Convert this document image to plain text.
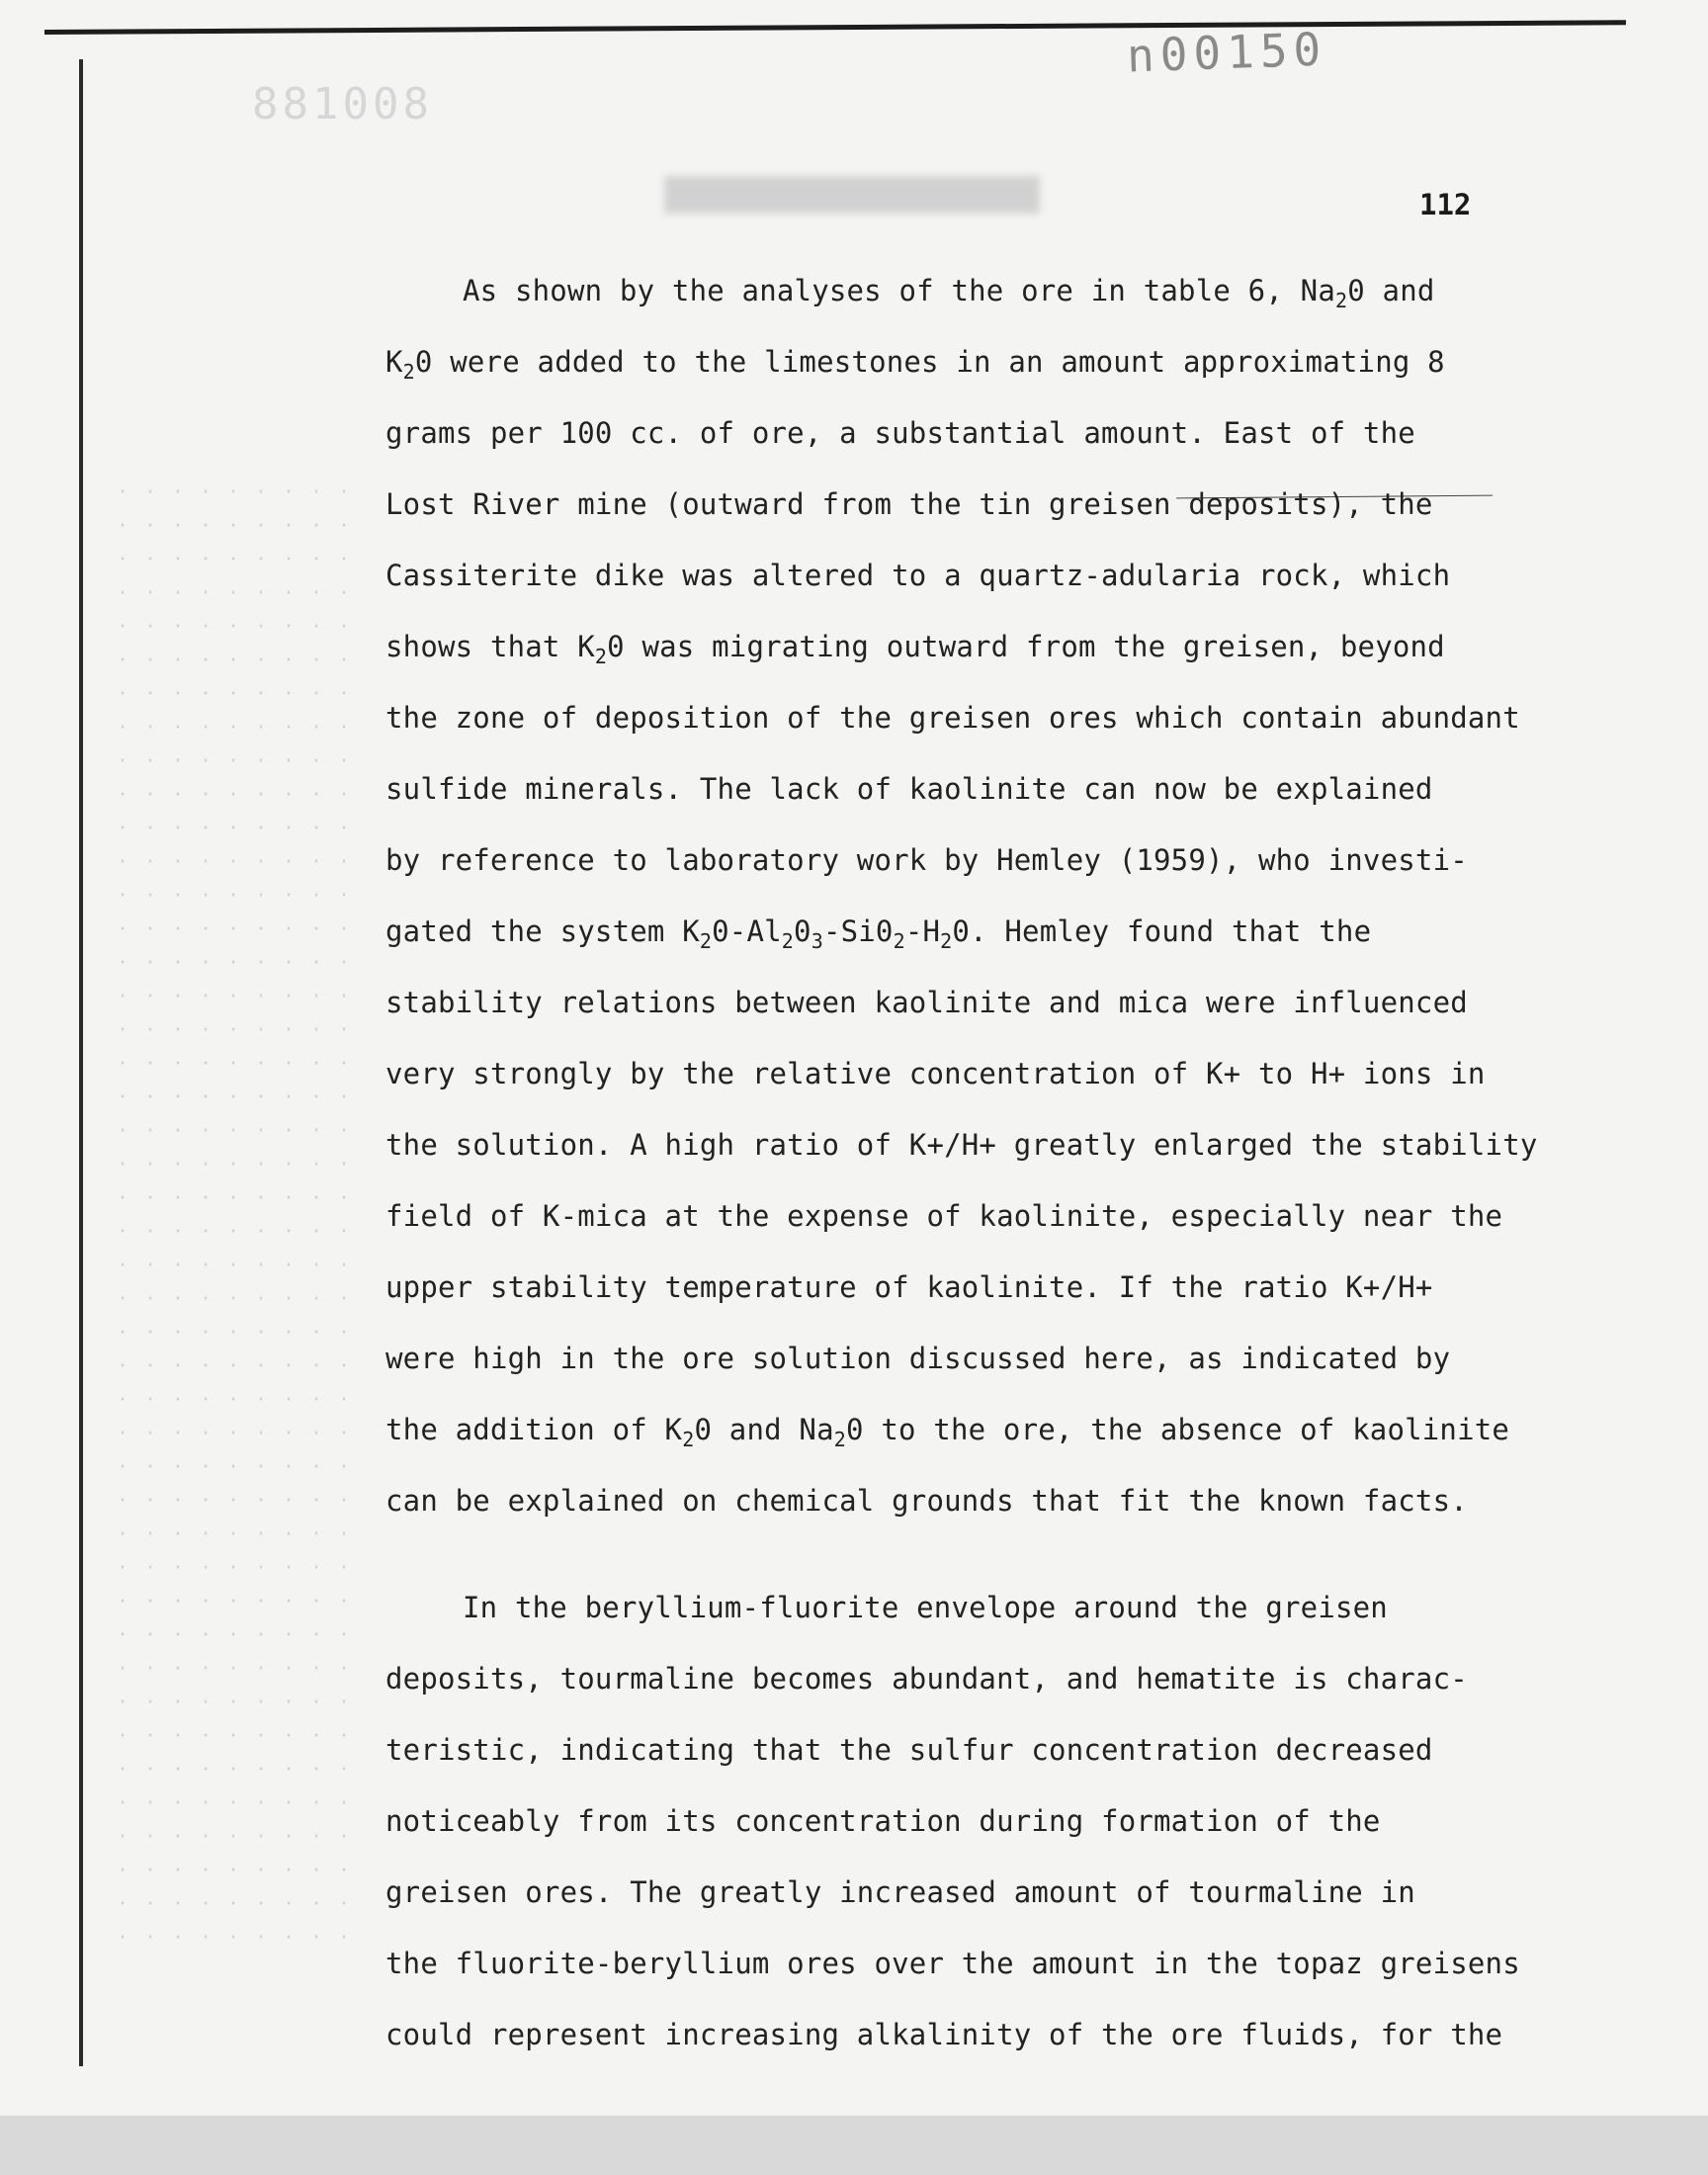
881008
n00150
112
As shown by the analyses of the ore in table 6, $Na_20$ and
$K_20$ were added to the limestones in an amount approximating 8
grams per 100 cc. of ore, a substantial amount. East of the
Lost River mine (outward from the tin greisen deposits), the
Cassiterite dike was altered to a quartz-adularia rock, which
shows that $K_20$ was migrating outward from the greisen, beyond
the zone of deposition of the greisen ores which contain abundant
sulfide minerals. The lack of kaolinite can now be explained
by reference to laboratory work by Hemley (1959), who investi-
gated the system $K_20-Al_20_3-Si0_2-H_20$. Hemley found that the
stability relations between kaolinite and mica were influenced
very strongly by the relative concentration of K+ to H+ ions in
the solution. A high ratio of K+/H+ greatly enlarged the stability
field of K-mica at the expense of kaolinite, especially near the
upper stability temperature of kaolinite. If the ratio K+/H+
were high in the ore solution discussed here, as indicated by
the addition of $K_20$ and $Na_20$ to the ore, the absence of kaolinite
can be explained on chemical grounds that fit the known facts.
In the beryllium-fluorite envelope around the greisen
deposits, tourmaline becomes abundant, and hematite is charac-
teristic, indicating that the sulfur concentration decreased
noticeably from its concentration during formation of the
greisen ores. The greatly increased amount of tourmaline in
the fluorite-beryllium ores over the amount in the topaz greisens
could represent increasing alkalinity of the ore fluids, for the
